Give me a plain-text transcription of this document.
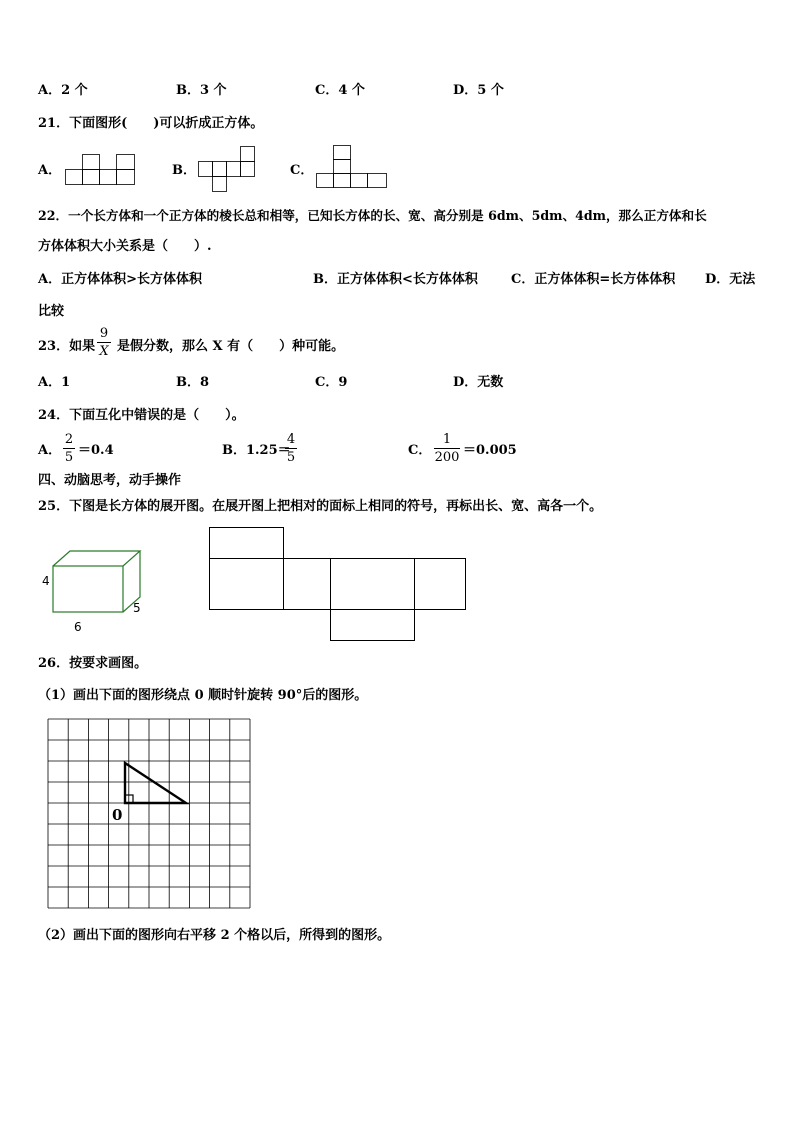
A．2 个	B．3 个	C．4 个	D．5 个
21．下面图形(　　)可以折成正方体。
A．	B．	C．
22．一个长方体和一个正方体的棱长总和相等，已知长方体的长、宽、高分别是 6dm、5dm、4dm，那么正方体和长
方体体积大小关系是（　　）.
A．正方体体积>长方体体积	B．正方体体积<长方体体积	C．正方体体积=长方体体积 D．无法
比较
23．如果
9
X 是假分数，那么 X 有（　　）种可能。
A．1	B．8	C．9	D．无数
24．下面互化中错误的是（　　）。
A．
2
5 ＝0.4	B．1.25＝
4
5	C．
1
200 ＝0.005
四、动脑思考，动手操作
25．下图是长方体的展开图。在展开图上把相对的面标上相同的符号，再标出长、宽、高各一个。
4
6
5
26．按要求画图。
（1）画出下面的图形绕点 0 顺时针旋转 90°后的图形。
0
（2）画出下面的图形向右平移 2 个格以后，所得到的图形。
